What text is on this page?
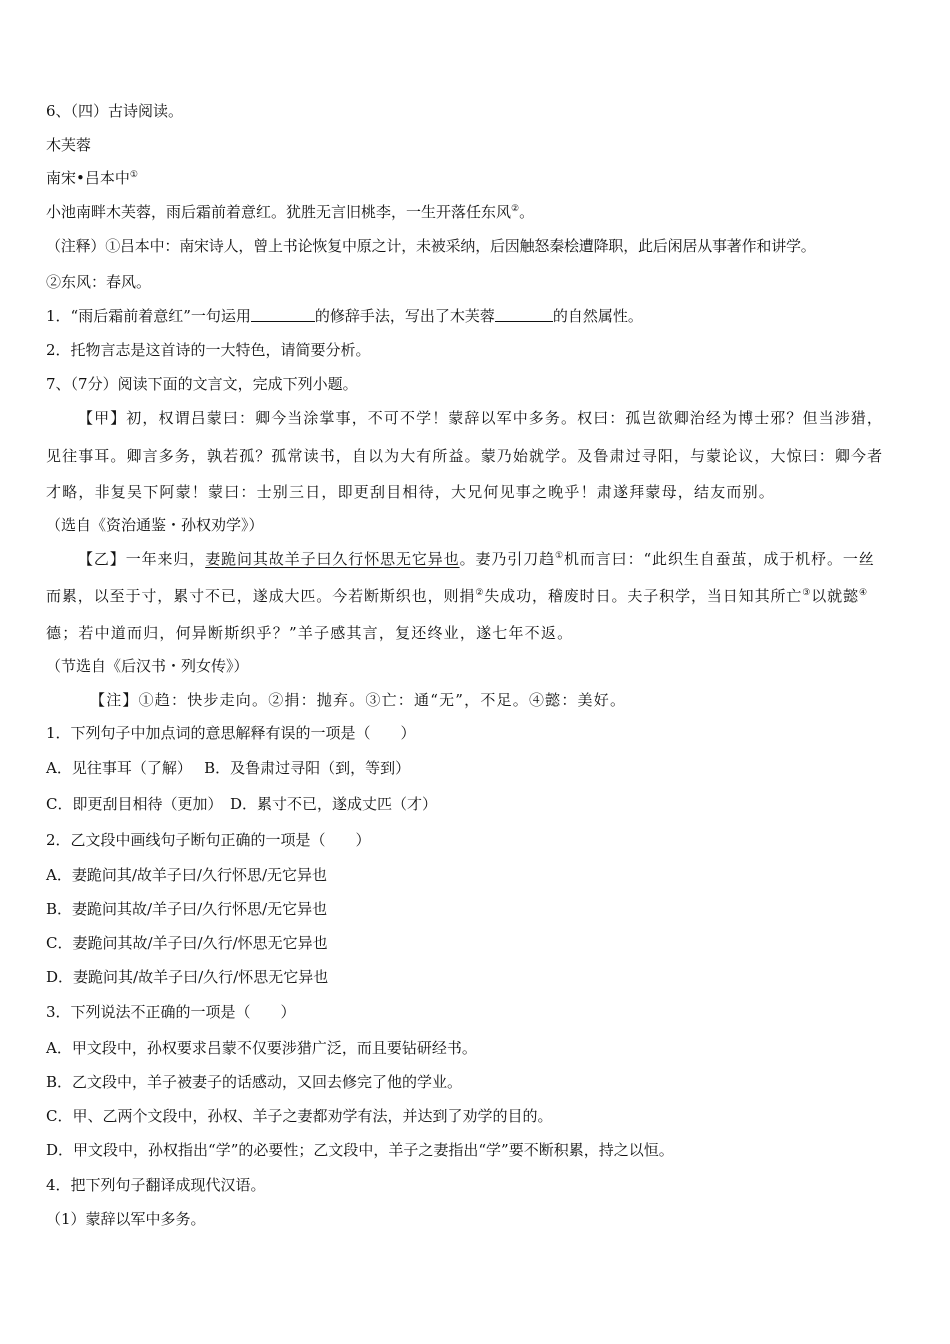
6、（四）古诗阅读。
木芙蓉
南宋•吕本中①
小池南畔木芙蓉，雨后霜前着意红。犹胜无言旧桃李，一生开落任东风②。
（注释）①吕本中：南宋诗人，曾上书论恢复中原之计，未被采纳，后因触怒秦桧遭降职，此后闲居从事著作和讲学。
②东风：春风。
1．“雨后霜前着意红”一句运用	的修辞手法，写出了木芙蓉	的自然属性。
2．托物言志是这首诗的一大特色，请简要分析。
7、（7分）阅读下面的文言文，完成下列小题。
【甲】初，权谓吕蒙曰：卿今当涂掌事，不可不学！蒙辞以军中多务。权曰：孤岂欲卿治经为博士邪？但当涉猎，
见往事耳。卿言多务，孰若孤？孤常读书，自以为大有所益。蒙乃始就学。及鲁肃过寻阳，与蒙论议，大惊曰：卿今者
才略，非复吴下阿蒙！蒙曰：士别三日，即更刮目相待，大兄何见事之晚乎！肃遂拜蒙母，结友而别。
（选自《资治通鉴・孙权劝学》）
【乙】一年来归，妻跪问其故羊子曰久行怀思无它异也。妻乃引刀趋①机而言曰：“此织生自蚕茧，成于机杼。一丝
而累，以至于寸，累寸不已，遂成大匹。今若断斯织也，则捐②失成功，稽废时日。夫子积学，当日知其所亡③以就懿④
德；若中道而归，何异断斯织乎？”羊子感其言，复还终业，遂七年不返。
（节选自《后汉书・列女传》）
【注】①趋：快步走向。②捐：抛弃。③亡：通“无”，不足。④懿：美好。
1．下列句子中加点词的意思解释有误的一项是（　　）
A．见往事耳（了解）　 B．及鲁肃过寻阳（到，等到）
C．即更刮目相待（更加）　D．累寸不已，遂成丈匹（才）
2．乙文段中画线句子断句正确的一项是（　　）
A．妻跪问其/故羊子曰/久行怀思/无它异也
B．妻跪问其故/羊子曰/久行怀思/无它异也
C．妻跪问其故/羊子曰/久行/怀思无它异也
D．妻跪问其/故羊子曰/久行/怀思无它异也
3．下列说法不正确的一项是（　　）
A．甲文段中，孙权要求吕蒙不仅要涉猎广泛，而且要钻研经书。
B．乙文段中，羊子被妻子的话感动，又回去修完了他的学业。
C．甲、乙两个文段中，孙权、羊子之妻都劝学有法，并达到了劝学的目的。
D．甲文段中，孙权指出“学”的必要性；乙文段中，羊子之妻指出“学”要不断积累，持之以恒。
4．把下列句子翻译成现代汉语。
（1）蒙辞以军中多务。
